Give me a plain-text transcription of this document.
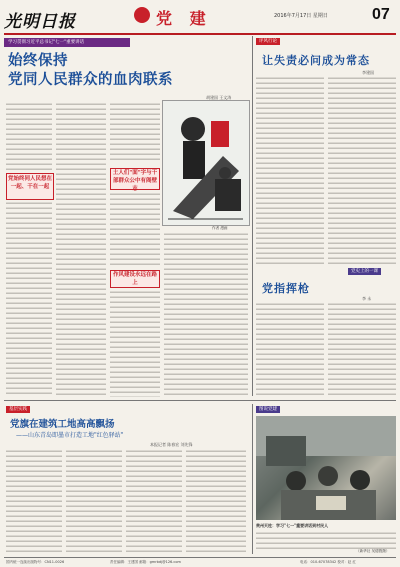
光明日报	党 建	2016年7月17日 星期日	07
学习贯彻习近平总书记"七一"重要讲话
始终保持
党同人民群众的血肉联系
胡建国 王文涛
党始终同人民想在一起、干在一起
作者 漫画
土人们"面"字与干部群众公中有阁壁志
作风建设永远在路上
评风行论
让失责必问成为常态
李建国
党史上的一课
党指挥枪
李 永
基层实践
党旗在建筑工地高高飘扬
——山东青岛即墨市打造工地"红色驿站"
本报记者 陈春宏 刘先锋
图说党建
贵州天柱：学习"七一"重要讲话到村民人
（新华社 吴德胜摄）
国内统一连续出版物号：CN11-0026	责任编辑：王建国 邮箱：gmrbdj@126.com	电话：010-67078342 校对：赵 红
